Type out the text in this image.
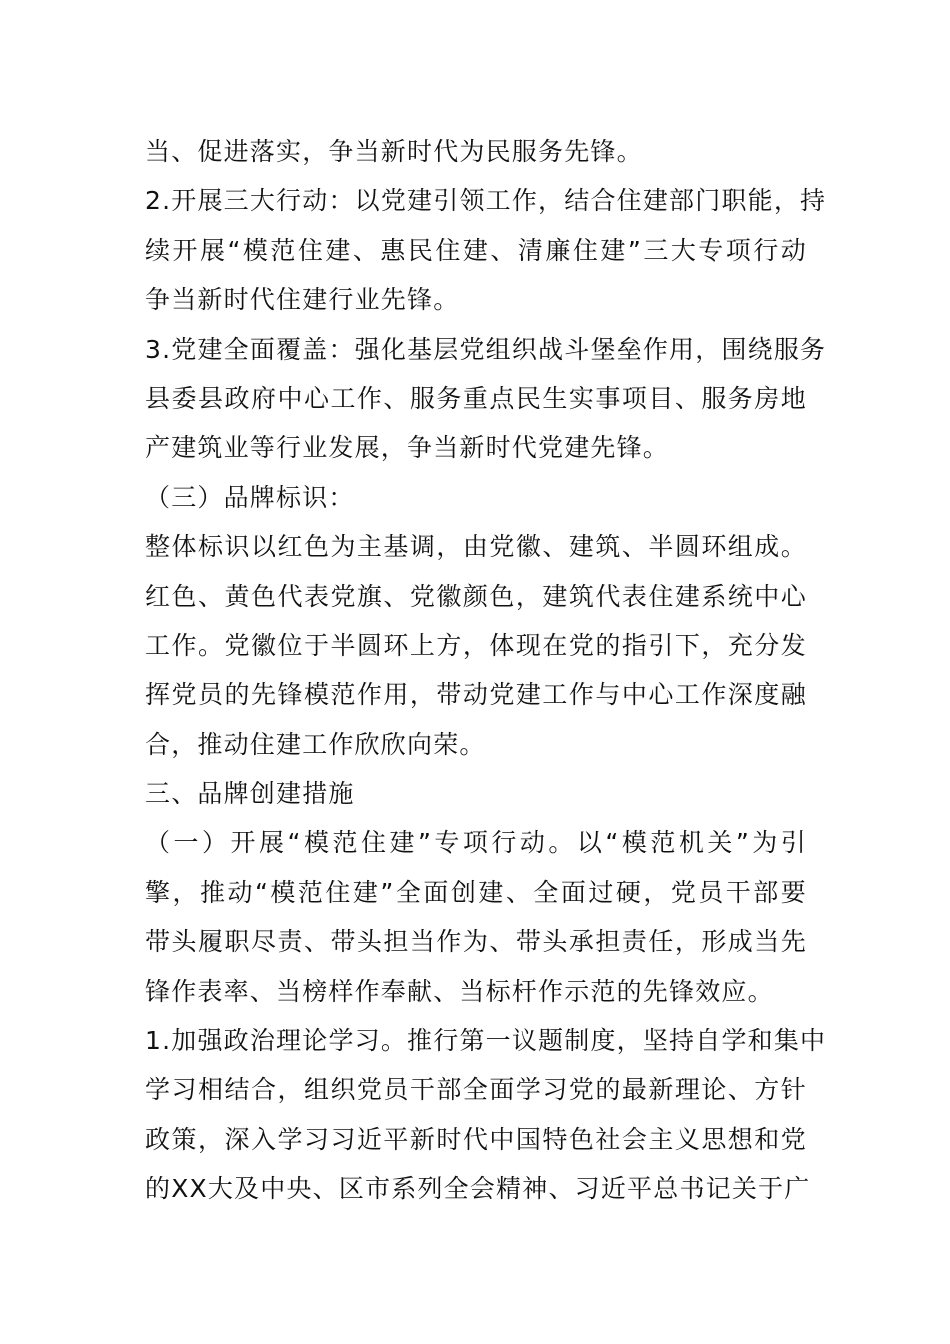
当、促进落实，争当新时代为民服务先锋。
2.开展三大行动：以党建引领工作，结合住建部门职能，持
续开展“模范住建、惠民住建、清廉住建”三大专项行动
争当新时代住建行业先锋。
3.党建全面覆盖：强化基层党组织战斗堡垒作用，围绕服务
县委县政府中心工作、服务重点民生实事项目、服务房地
产建筑业等行业发展，争当新时代党建先锋。
（三）品牌标识：
整体标识以红色为主基调，由党徽、建筑、半圆环组成。
红色、黄色代表党旗、党徽颜色，建筑代表住建系统中心
工作。党徽位于半圆环上方，体现在党的指引下，充分发
挥党员的先锋模范作用，带动党建工作与中心工作深度融
合，推动住建工作欣欣向荣。
三、品牌创建措施
（一）开展“模范住建”专项行动。以“模范机关”为引
擎，推动“模范住建”全面创建、全面过硬，党员干部要
带头履职尽责、带头担当作为、带头承担责任，形成当先
锋作表率、当榜样作奉献、当标杆作示范的先锋效应。
1.加强政治理论学习。推行第一议题制度，坚持自学和集中
学习相结合，组织党员干部全面学习党的最新理论、方针
政策，深入学习习近平新时代中国特色社会主义思想和党
的XX大及中央、区市系列全会精神、习近平总书记关于广
